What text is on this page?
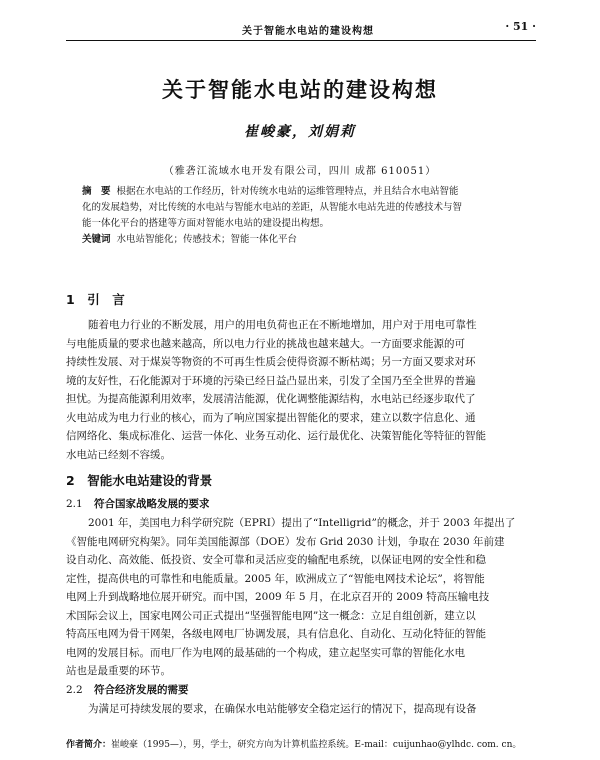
关于智能水电站的建设构想	· 51 ·
关于智能水电站的建设构想
崔峻豪，刘娟莉
（雅砻江流域水电开发有限公司，四川 成都 610051）
摘　要 根据在水电站的工作经历，针对传统水电站的运维管理特点，并且结合水电站智能
化的发展趋势，对比传统的水电站与智能水电站的差距，从智能水电站先进的传感技术与智
能一体化平台的搭建等方面对智能水电站的建设提出构想。
关键词 水电站智能化；传感技术；智能一体化平台
1　引　言
随着电力行业的不断发展，用户的用电负荷也正在不断地增加，用户对于用电可靠性
与电能质量的要求也越来越高，所以电力行业的挑战也越来越大。一方面要求能源的可
持续性发展、对于煤炭等物资的不可再生性质会使得资源不断枯竭；另一方面又要求对环
境的友好性，石化能源对于环境的污染已经日益凸显出来，引发了全国乃至全世界的普遍
担忧。为提高能源利用效率，发展清洁能源，优化调整能源结构，水电站已经逐步取代了
火电站成为电力行业的核心，而为了响应国家提出智能化的要求，建立以数字信息化、通
信网络化、集成标准化、运营一体化、业务互动化、运行最优化、决策智能化等特征的智能
水电站已经刻不容缓。
2　智能水电站建设的背景
2.1 符合国家战略发展的要求
2001 年，美国电力科学研究院（EPRI）提出了“Intelligrid”的概念，并于 2003 年提出了
《智能电网研究构架》。同年美国能源部（DOE）发布 Grid 2030 计划，争取在 2030 年前建
设自动化、高效能、低投资、安全可靠和灵活应变的输配电系统，以保证电网的安全性和稳
定性，提高供电的可靠性和电能质量。2005 年，欧洲成立了“智能电网技术论坛”，将智能
电网上升到战略地位展开研究。而中国，2009 年 5 月，在北京召开的 2009 特高压输电技
术国际会议上，国家电网公司正式提出“坚强智能电网”这一概念：立足自组创新，建立以
特高压电网为骨干网架，各级电网电厂协调发展，具有信息化、自动化、互动化特征的智能
电网的发展目标。而电厂作为电网的最基础的一个构成，建立起坚实可靠的智能化水电
站也是最重要的环节。
2.2 符合经济发展的需要
为满足可持续发展的要求，在确保水电站能够安全稳定运行的情况下，提高现有设备
作者简介：崔峻豪（1995—），男，学士，研究方向为计算机监控系统。E-mail：cuijunhao@ylhdc. com. cn。
